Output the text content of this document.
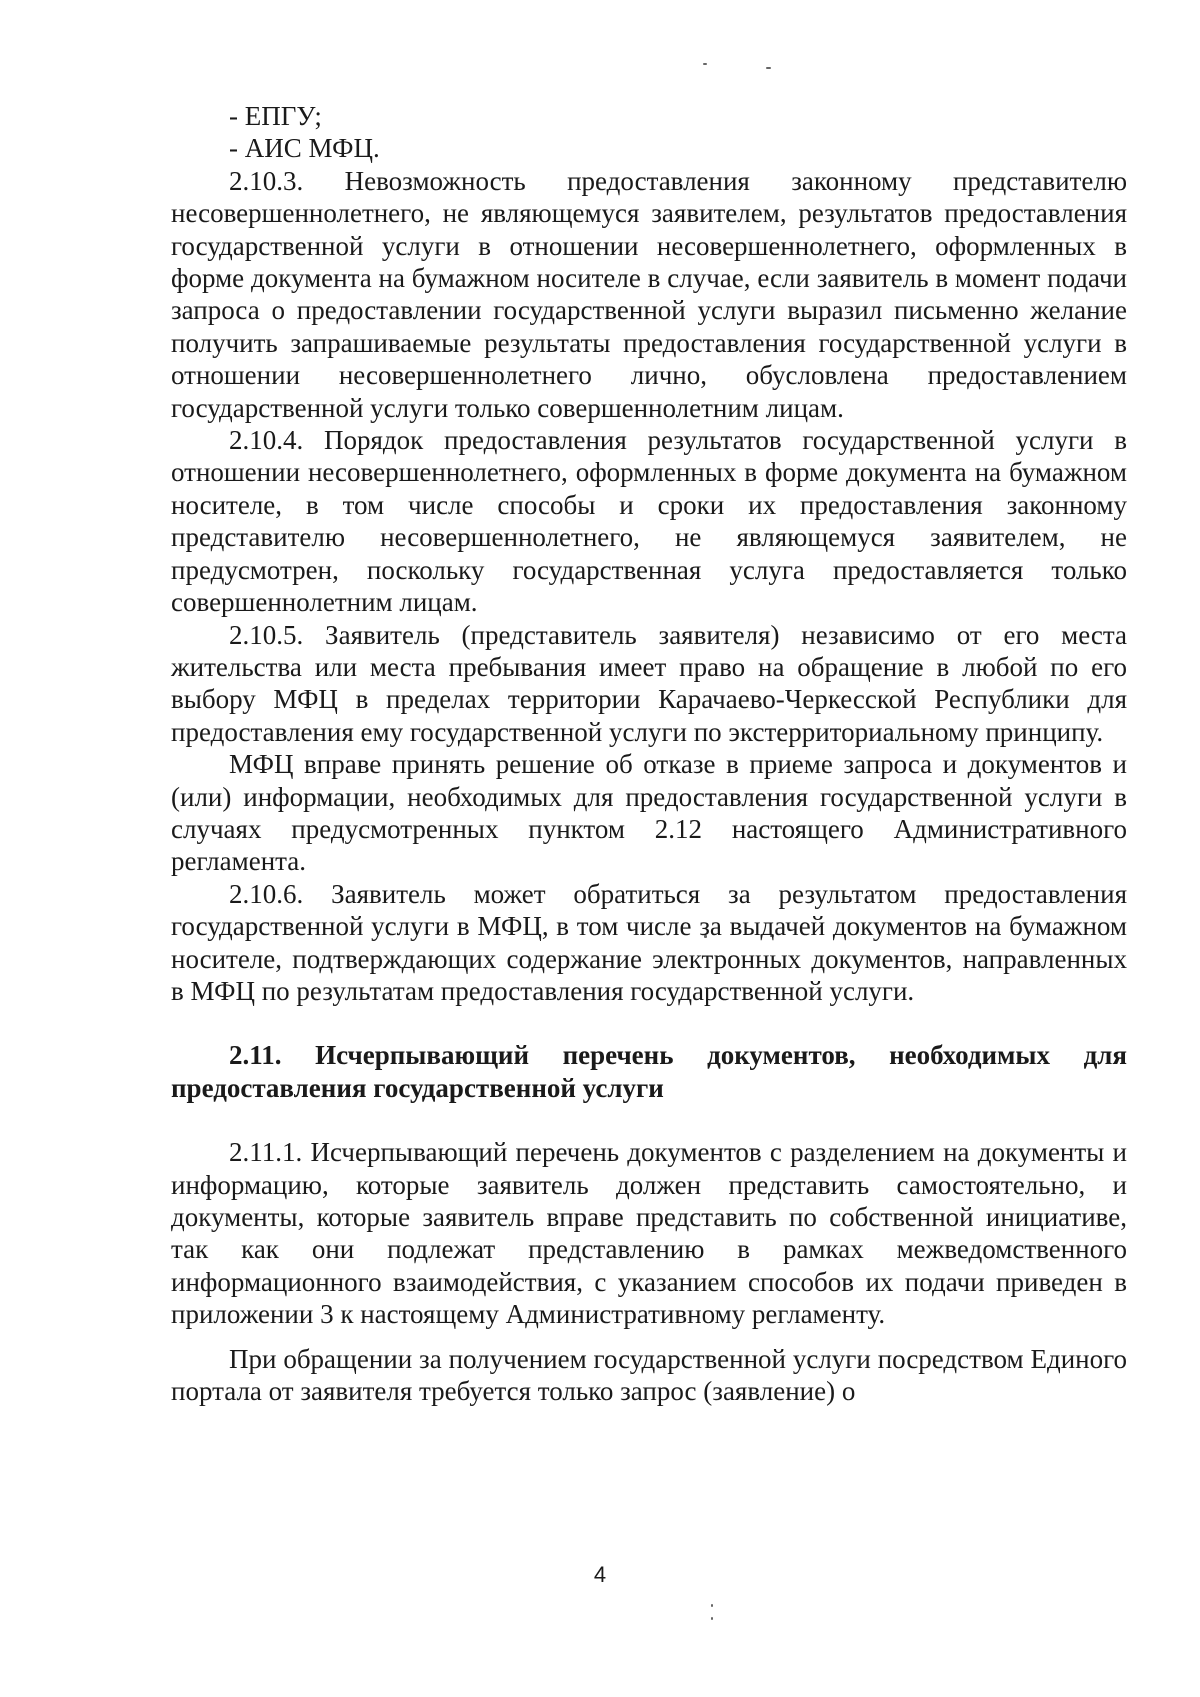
- ЕПГУ;

- АИС МФЦ.

2.10.3. Невозможность предоставления законному представителю несовершеннолетнего, не являющемуся заявителем, результатов предоставления государственной услуги в отношении несовершеннолетнего, оформленных в форме документа на бумажном носителе в случае, если заявитель в момент подачи запроса о предоставлении государственной услуги выразил письменно желание получить запрашиваемые результаты предоставления государственной услуги в отношении несовершеннолетнего лично, обусловлена предоставлением государственной услуги только совершеннолетним лицам.

2.10.4. Порядок предоставления результатов государственной услуги в отношении несовершеннолетнего, оформленных в форме документа на бумажном носителе, в том числе способы и сроки их предоставления законному представителю несовершеннолетнего, не являющемуся заявителем, не предусмотрен, поскольку государственная услуга предоставляется только совершеннолетним лицам.

2.10.5. Заявитель (представитель заявителя) независимо от его места жительства или места пребывания имеет право на обращение в любой по его выбору МФЦ в пределах территории Карачаево-Черкесской Республики для предоставления ему государственной услуги по экстерриториальному принципу.

МФЦ вправе принять решение об отказе в приеме запроса и документов и (или) информации, необходимых для предоставления государственной услуги в случаях предусмотренных пунктом 2.12 настоящего Административного регламента.

2.10.6. Заявитель может обратиться за результатом предоставления государственной услуги в МФЦ, в том числе за выдачей документов на бумажном носителе, подтверждающих содержание электронных документов, направленных в МФЦ по результатам предоставления государственной услуги.

2.11. Исчерпывающий перечень документов, необходимых для предоставления государственной услуги

2.11.1. Исчерпывающий перечень документов с разделением на документы и информацию, которые заявитель должен представить самостоятельно, и документы, которые заявитель вправе представить по собственной инициативе, так как они подлежат представлению в рамках межведомственного информационного взаимодействия, с указанием способов их подачи приведен в приложении 3 к настоящему Административному регламенту.

При обращении за получением государственной услуги посредством Единого портала от заявителя требуется только запрос (заявление) о

4
